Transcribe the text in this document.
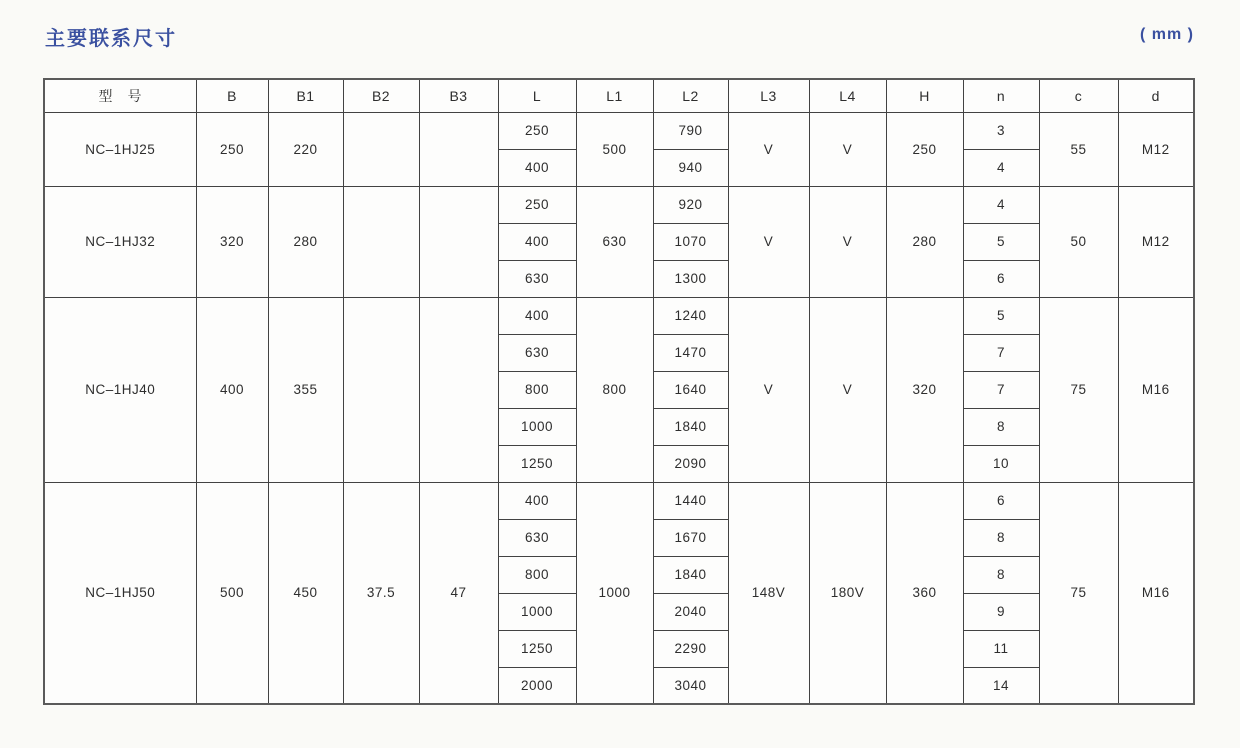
主要联系尺寸	( mm )
型　号	B	B1	B2	B3	L	L1	L2	L3	L4	H	n	c	d
NC–1HJ25	250	220			250	500	790	V	V	250	3	55	M12
					400		940				4		
NC–1HJ32	320	280			250	630	920	V	V	280	4	50	M12
					400		1070				5		
					630		1300				6		
NC–1HJ40	400	355			400	800	1240	V	V	320	5	75	M16
					630		1470				7		
					800		1640				7		
					1000		1840				8		
					1250		2090				10		
NC–1HJ50	500	450	37.5	47	400	1000	1440	148V	180V	360	6	75	M16
					630		1670				8		
					800		1840				8		
					1000		2040				9		
					1250		2290				11		
					2000		3040				14		
